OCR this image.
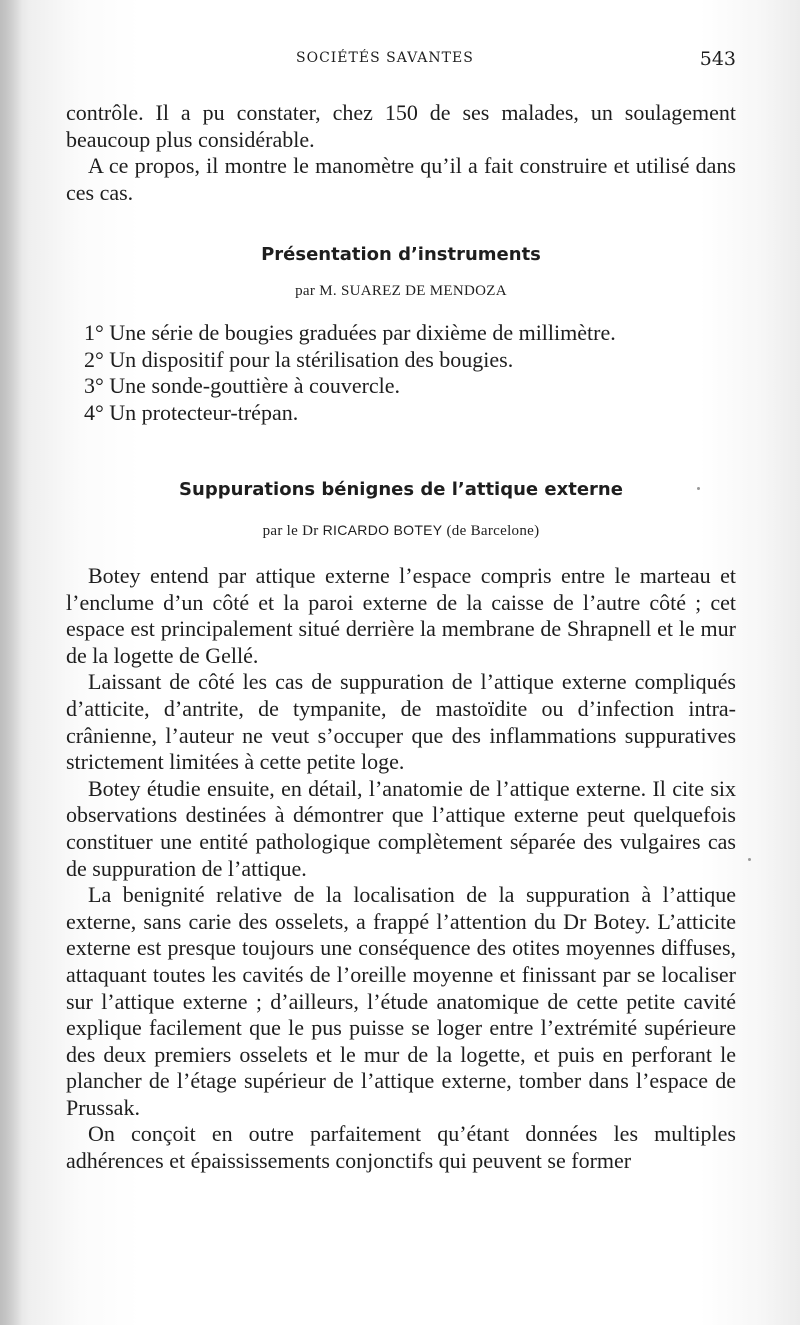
SOCIÉTÉS SAVANTES	543

contrôle. Il a pu constater, chez 150 de ses malades, un soulagement beaucoup plus considérable.

A ce propos, il montre le manomètre qu’il a fait construire et utilisé dans ces cas.

Présentation d’instruments
par M. SUAREZ DE MENDOZA
1° Une série de bougies graduées par dixième de millimètre.
2° Un dispositif pour la stérilisation des bougies.
3° Une sonde-gouttière à couvercle.
4° Un protecteur-trépan.
Suppurations bénignes de l’attique externe
par le Dr RICARDO BOTEY (de Barcelone)

Botey entend par attique externe l’espace compris entre le marteau et l’enclume d’un côté et la paroi externe de la caisse de l’autre côté ; cet espace est principalement situé derrière la membrane de Shrapnell et le mur de la logette de Gellé.

Laissant de côté les cas de suppuration de l’attique externe compliqués d’atticite, d’antrite, de tympanite, de mastoïdite ou d’infection intra-crânienne, l’auteur ne veut s’occuper que des inflammations suppuratives strictement limitées à cette petite loge.

Botey étudie ensuite, en détail, l’anatomie de l’attique externe. Il cite six observations destinées à démontrer que l’attique externe peut quelquefois constituer une entité pathologique complètement séparée des vulgaires cas de suppuration de l’attique.

La benignité relative de la localisation de la suppuration à l’attique externe, sans carie des osselets, a frappé l’attention du Dr Botey. L’atticite externe est presque toujours une conséquence des otites moyennes diffuses, attaquant toutes les cavités de l’oreille moyenne et finissant par se localiser sur l’attique externe ; d’ailleurs, l’étude anatomique de cette petite cavité explique facilement que le pus puisse se loger entre l’extrémité supérieure des deux premiers osselets et le mur de la logette, et puis en perforant le plancher de l’étage supérieur de l’attique externe, tomber dans l’espace de Prussak.

On conçoit en outre parfaitement qu’étant données les multiples adhérences et épaississements conjonctifs qui peuvent se former
